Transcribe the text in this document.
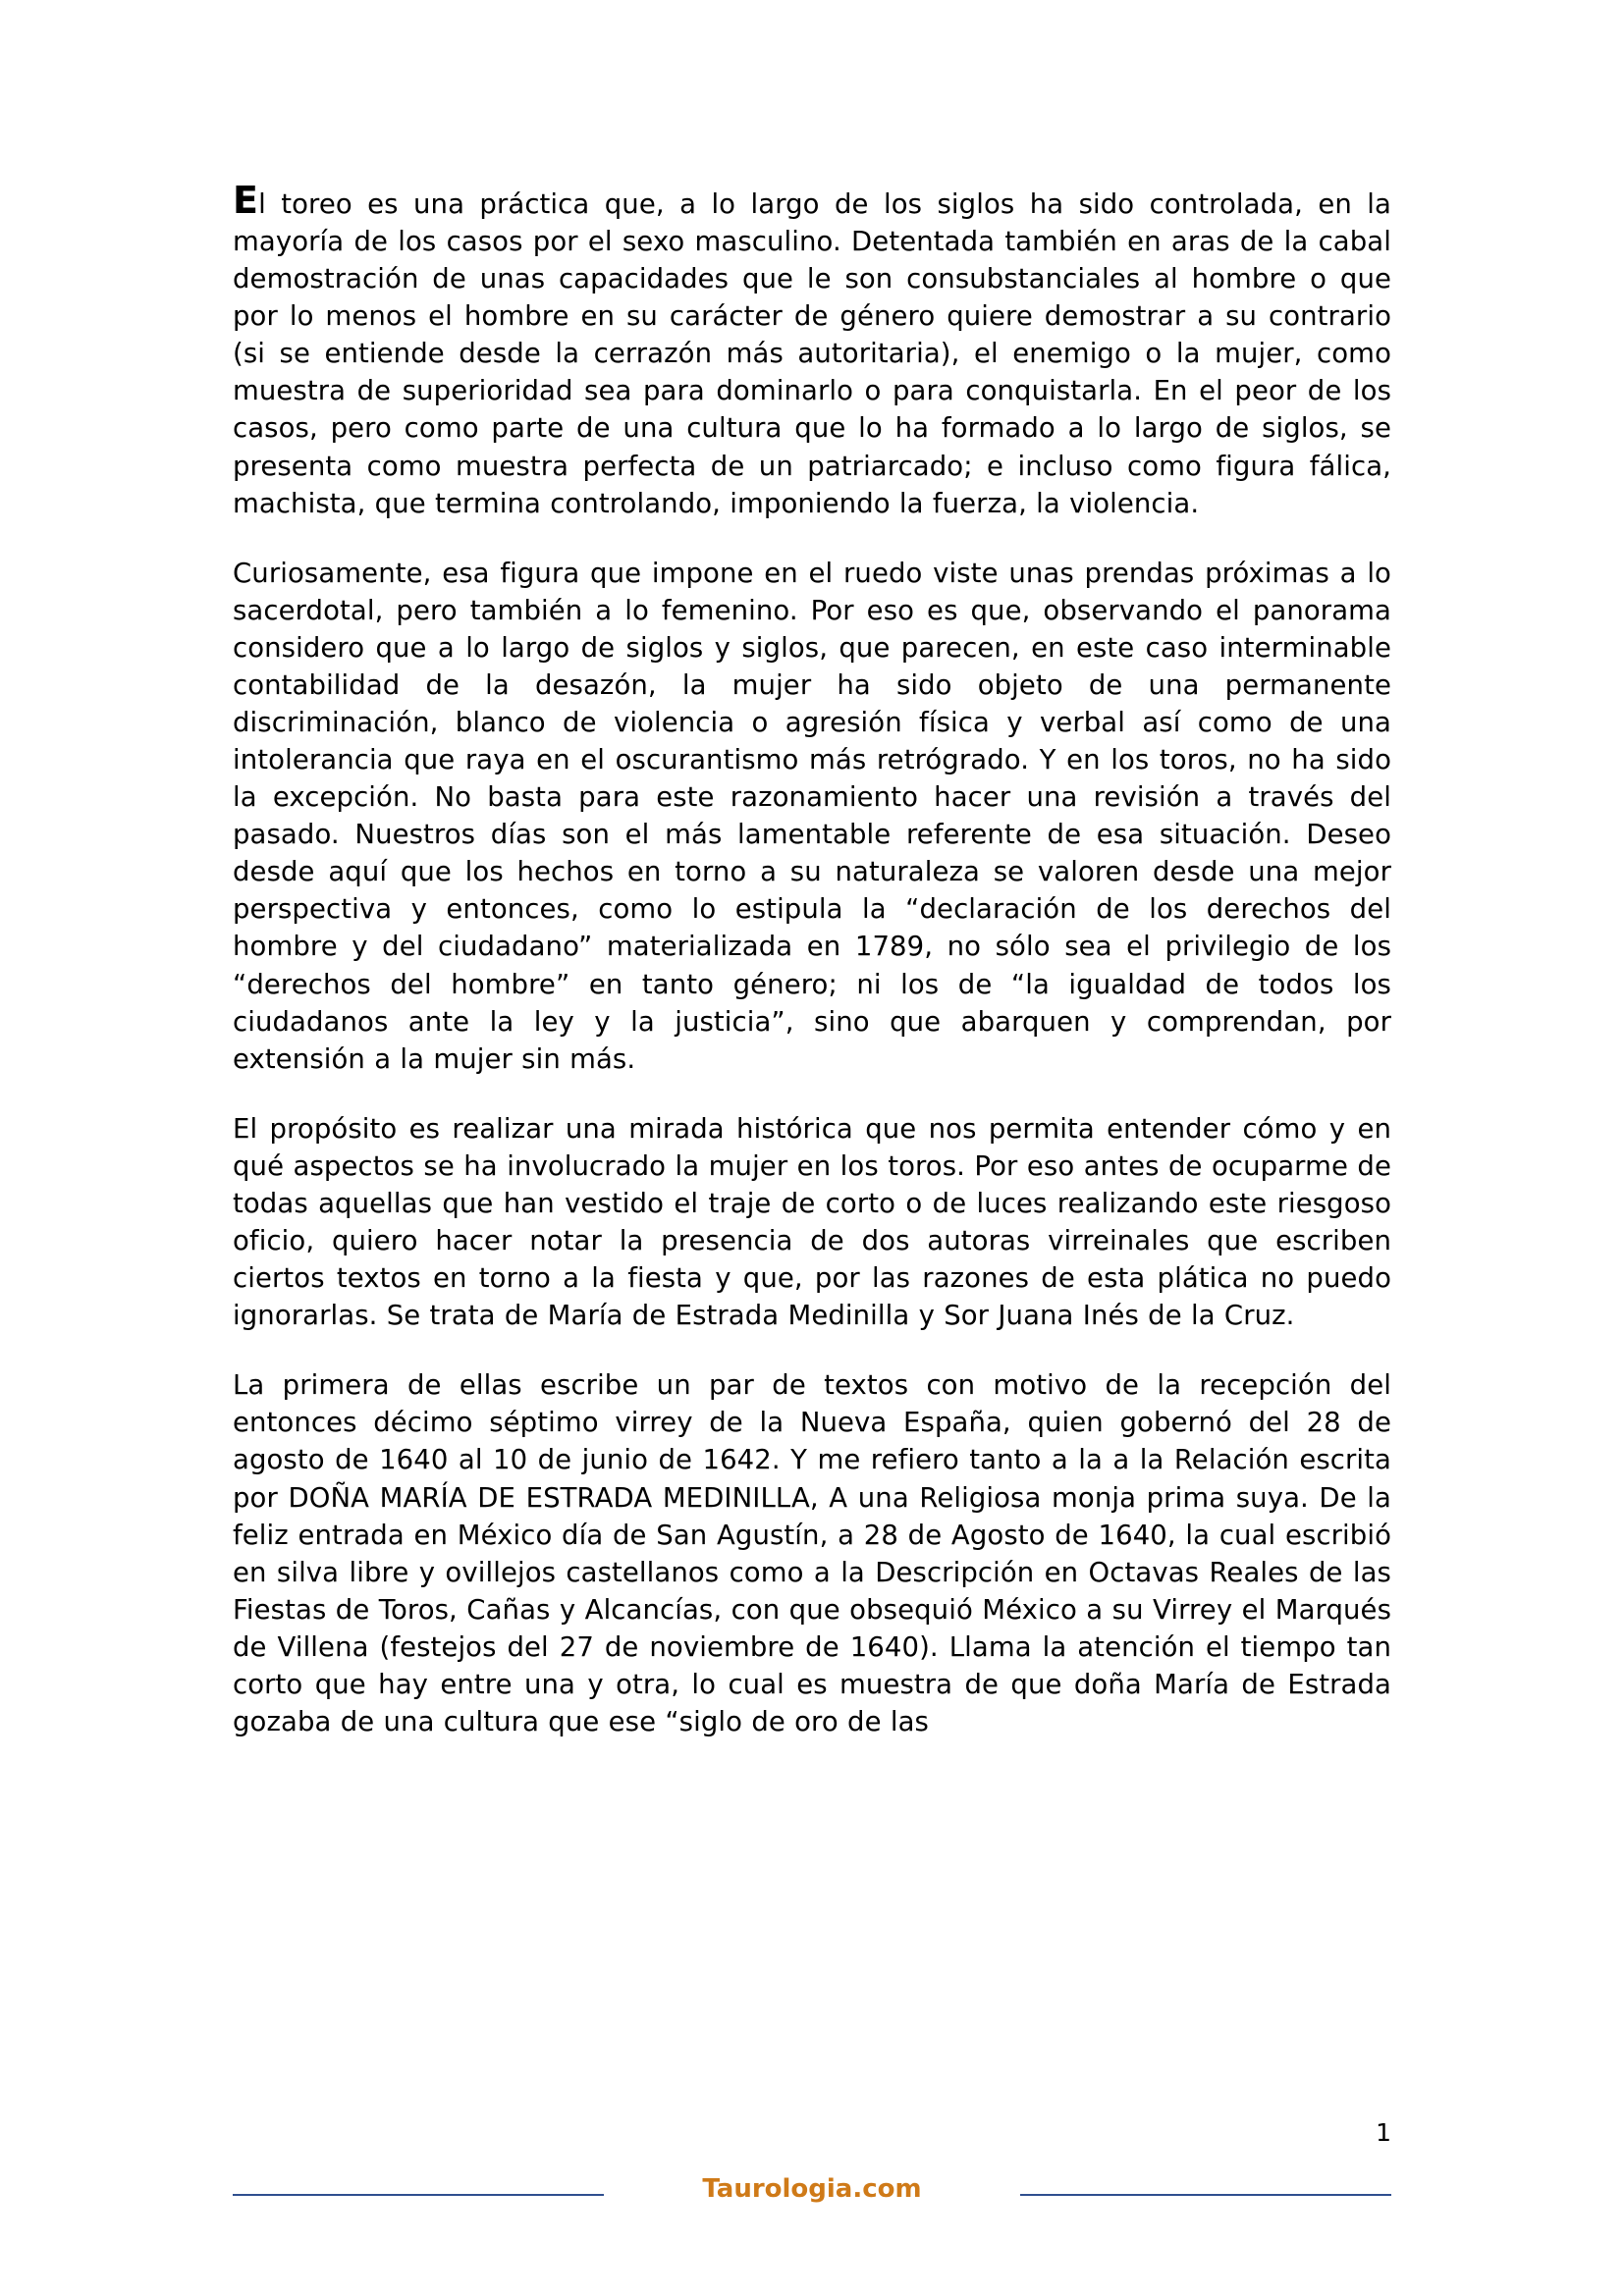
El toreo es una práctica que, a lo largo de los siglos ha sido controlada, en la mayoría de los casos por el sexo masculino. Detentada también en aras de la cabal demostración de unas capacidades que le son consubstanciales al hombre o que por lo menos el hombre en su carácter de género quiere demostrar a su contrario (si se entiende desde la cerrazón más autoritaria), el enemigo o la mujer, como muestra de superioridad sea para dominarlo o para conquistarla. En el peor de los casos, pero como parte de una cultura que lo ha formado a lo largo de siglos, se presenta como muestra perfecta de un patriarcado; e incluso como figura fálica, machista, que termina controlando, imponiendo la fuerza, la violencia.

Curiosamente, esa figura que impone en el ruedo viste unas prendas próximas a lo sacerdotal, pero también a lo femenino. Por eso es que, observando el panorama considero que a lo largo de siglos y siglos, que parecen, en este caso interminable contabilidad de la desazón, la mujer ha sido objeto de una permanente discriminación, blanco de violencia o agresión física y verbal así como de una intolerancia que raya en el oscurantismo más retrógrado. Y en los toros, no ha sido la excepción. No basta para este razonamiento hacer una revisión a través del pasado. Nuestros días son el más lamentable referente de esa situación. Deseo desde aquí que los hechos en torno a su naturaleza se valoren desde una mejor perspectiva y entonces, como lo estipula la “declaración de los derechos del hombre y del ciudadano” materializada en 1789, no sólo sea el privilegio de los “derechos del hombre” en tanto género; ni los de “la igualdad de todos los ciudadanos ante la ley y la justicia”, sino que abarquen y comprendan, por extensión a la mujer sin más.

El propósito es realizar una mirada histórica que nos permita entender cómo y en qué aspectos se ha involucrado la mujer en los toros. Por eso antes de ocuparme de todas aquellas que han vestido el traje de corto o de luces realizando este riesgoso oficio, quiero hacer notar la presencia de dos autoras virreinales que escriben ciertos textos en torno a la fiesta y que, por las razones de esta plática no puedo ignorarlas. Se trata de María de Estrada Medinilla y Sor Juana Inés de la Cruz.

La primera de ellas escribe un par de textos con motivo de la recepción del entonces décimo séptimo virrey de la Nueva España, quien gobernó del 28 de agosto de 1640 al 10 de junio de 1642. Y me refiero tanto a la a la Relación escrita por DOÑA MARÍA DE ESTRADA MEDINILLA, A una Religiosa monja prima suya. De la feliz entrada en México día de San Agustín, a 28 de Agosto de 1640, la cual escribió en silva libre y ovillejos castellanos como a la Descripción en Octavas Reales de las Fiestas de Toros, Cañas y Alcancías, con que obsequió México a su Virrey el Marqués de Villena (festejos del 27 de noviembre de 1640). Llama la atención el tiempo tan corto que hay entre una y otra, lo cual es muestra de que doña María de Estrada gozaba de una cultura que ese “siglo de oro de las

1
Taurologia.com
